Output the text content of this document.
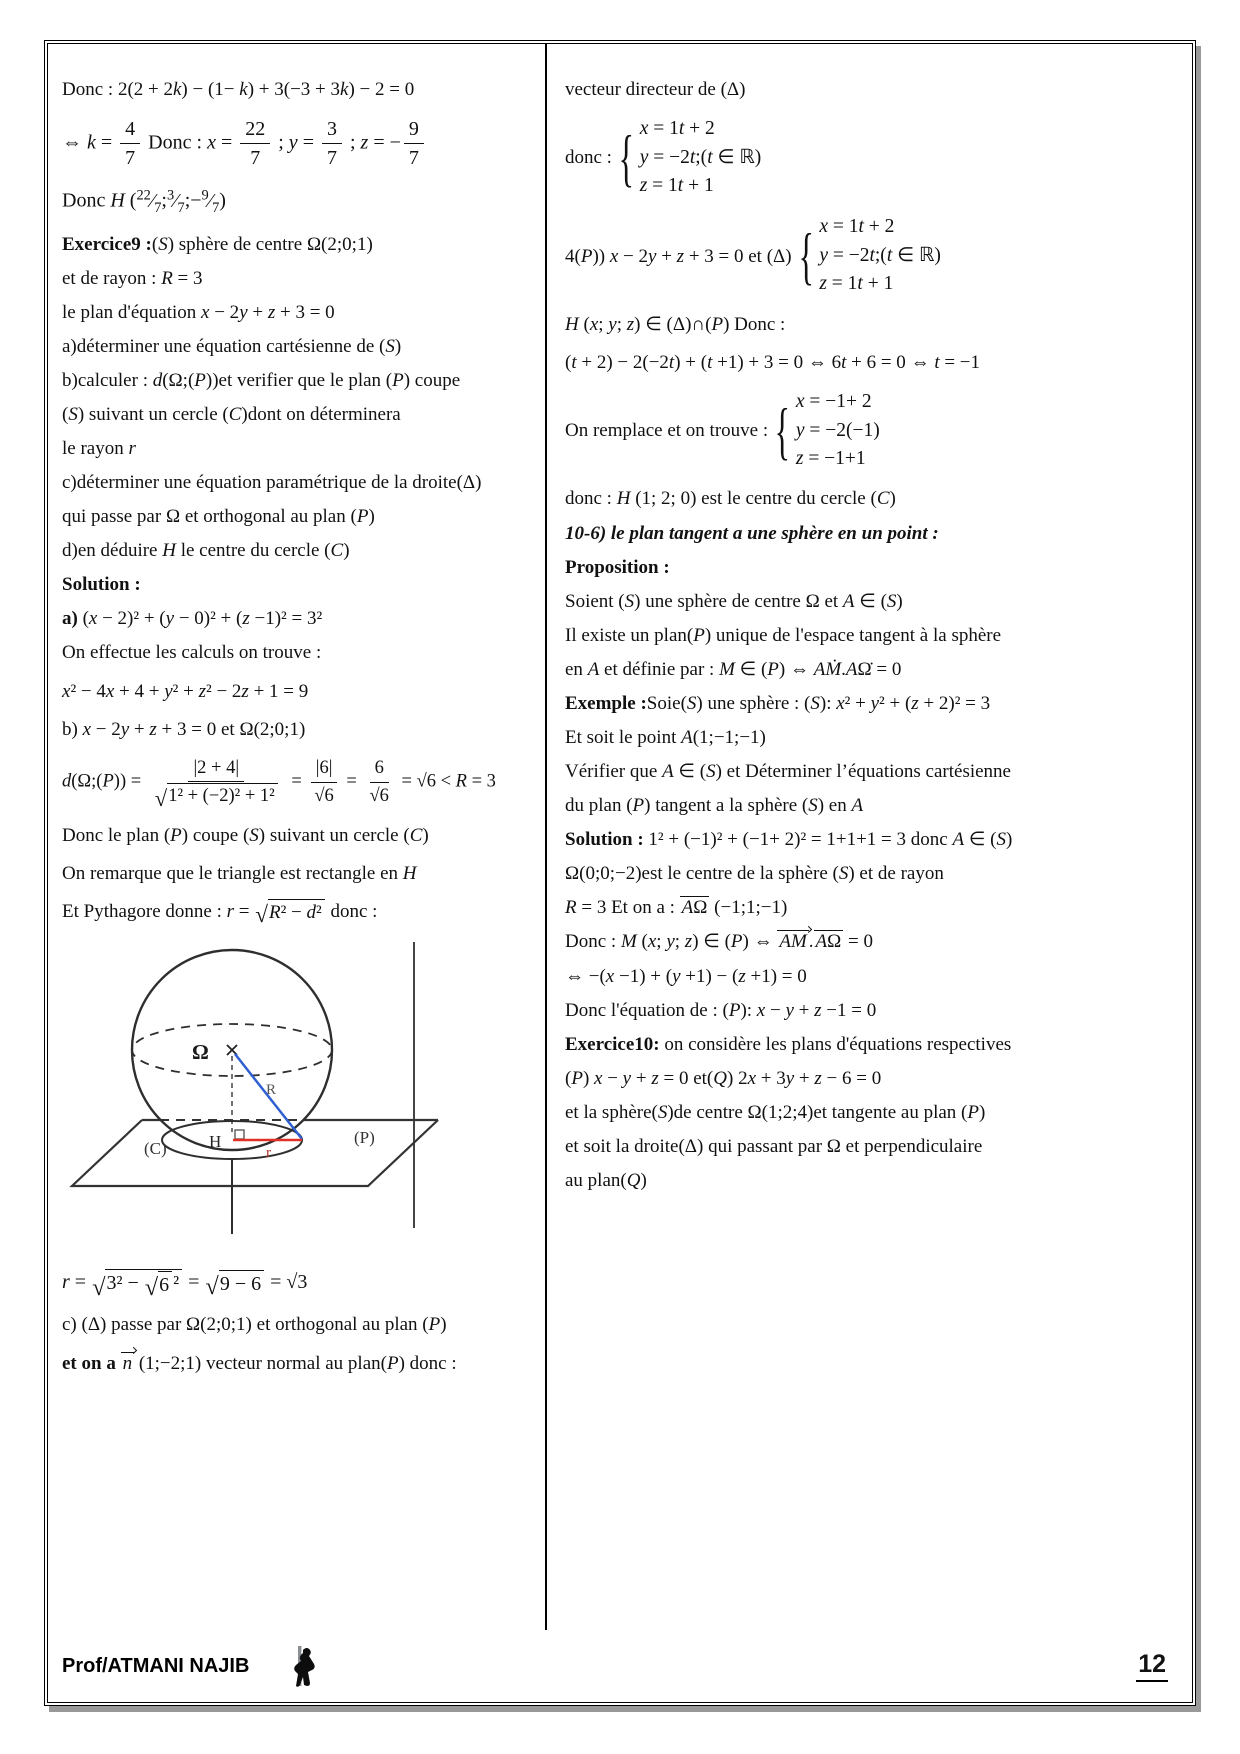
Donc : 2(2 + 2k) − (1− k) + 3(−3 + 3k) − 2 = 0
⇔ $k = \frac{4}{7}$ Donc : $x = \frac{22}{7}$ ; $y = \frac{3}{7}$ ; z = − $\frac{9}{7}$
Donc H $(^{22}⁄_7;^3⁄_7;-^9⁄_7)$
Exercice9 :(S) sphère de centre Ω(2;0;1)
et de rayon : R = 3
le plan d'équation x − 2y + z + 3 = 0
a)déterminer une équation cartésienne de (S)
b)calculer : d(Ω;(P))et verifier que le plan (P) coupe
(S) suivant un cercle (C)dont on déterminera
le rayon r
c)déterminer une équation paramétrique de la droite(Δ)
qui passe par Ω et orthogonal au plan (P)
d)en déduire H le centre du cercle (C)
Solution :
a) (x − 2)² + (y − 0)² + (z −1)² = 3²
On effectue les calculs on trouve :
x² − 4x + 4 + y² + z² − 2z + 1 = 9
b) x − 2y + z + 3 = 0 et Ω(2;0;1)
d(Ω;(P)) = $\frac{|2 + 4|}{\text{√ 1² + (−2)² + 1²}} = \frac{|6|}{√6} = \frac{6}{√6} = √6 < R = 3$
Donc le plan (P) coupe (S) suivant un cercle (C)
On remarque que le triangle est rectangle en H
Et Pythagore donne : r = √ R² − d² donc :
Ω
R
H
r
(P)
(C)
r = √ 3² − √ 6 ² = √ 9 − 6 = √3
c) (Δ) passe par Ω(2;0;1) et orthogonal au plan (P)
et on a n (1;−2;1) vecteur normal au plan(P) donc :
vecteur directeur de (Δ)
donc : { x = 1t + 2
y = −2t;(t ∈ ℝ)
z = 1t + 1
4(P)) x − 2y + z + 3 = 0 et (Δ) { x = 1t + 2
y = −2t;(t ∈ ℝ)
z = 1t + 1
H (x; y; z) ∈ (Δ)∩(P) Donc :
(t + 2) − 2(−2t) + (t +1) + 3 = 0 ⇔ 6t + 6 = 0 ⇔ t = −1
On remplace et on trouve : { x = −1+ 2
y = −2(−1)
z = −1+1
donc : H (1; 2; 0) est le centre du cercle (C)
10-6) le plan tangent a une sphère en un point :
Proposition :
Soient (S) une sphère de centre Ω et A ∈ (S)
Il existe un plan(P) unique de l'espace tangent à la sphère
en A et définie par : M ∈ (P) ⇔ AṀ.AΩ̇ = 0
Exemple :Soie(S) une sphère : (S): x² + y² + (z + 2)² = 3
Et soit le point A(1;−1;−1)
Vérifier que A ∈ (S) et Déterminer l’équations cartésienne
du plan (P) tangent a la sphère (S) en A
Solution : 1² + (−1)² + (−1+ 2)² = 1+1+1 = 3 donc A ∈ (S)
Ω(0;0;−2)est le centre de la sphère (S) et de rayon
R = 3 Et on a : AΩ (−1;1;−1)
Donc : M (x; y; z) ∈ (P) ⇔ AM . AΩ = 0
⇔ −(x −1) + (y +1) − (z +1) = 0
Donc l'équation de : (P): x − y + z −1 = 0
Exercice10: on considère les plans d'équations respectives
(P) x − y + z = 0 et(Q) 2x + 3y + z − 6 = 0
et la sphère(S)de centre Ω(1;2;4)et tangente au plan (P)
et soit la droite(Δ) qui passant par Ω et perpendiculaire
au plan(Q)
Prof/ATMANI NAJIB	12
